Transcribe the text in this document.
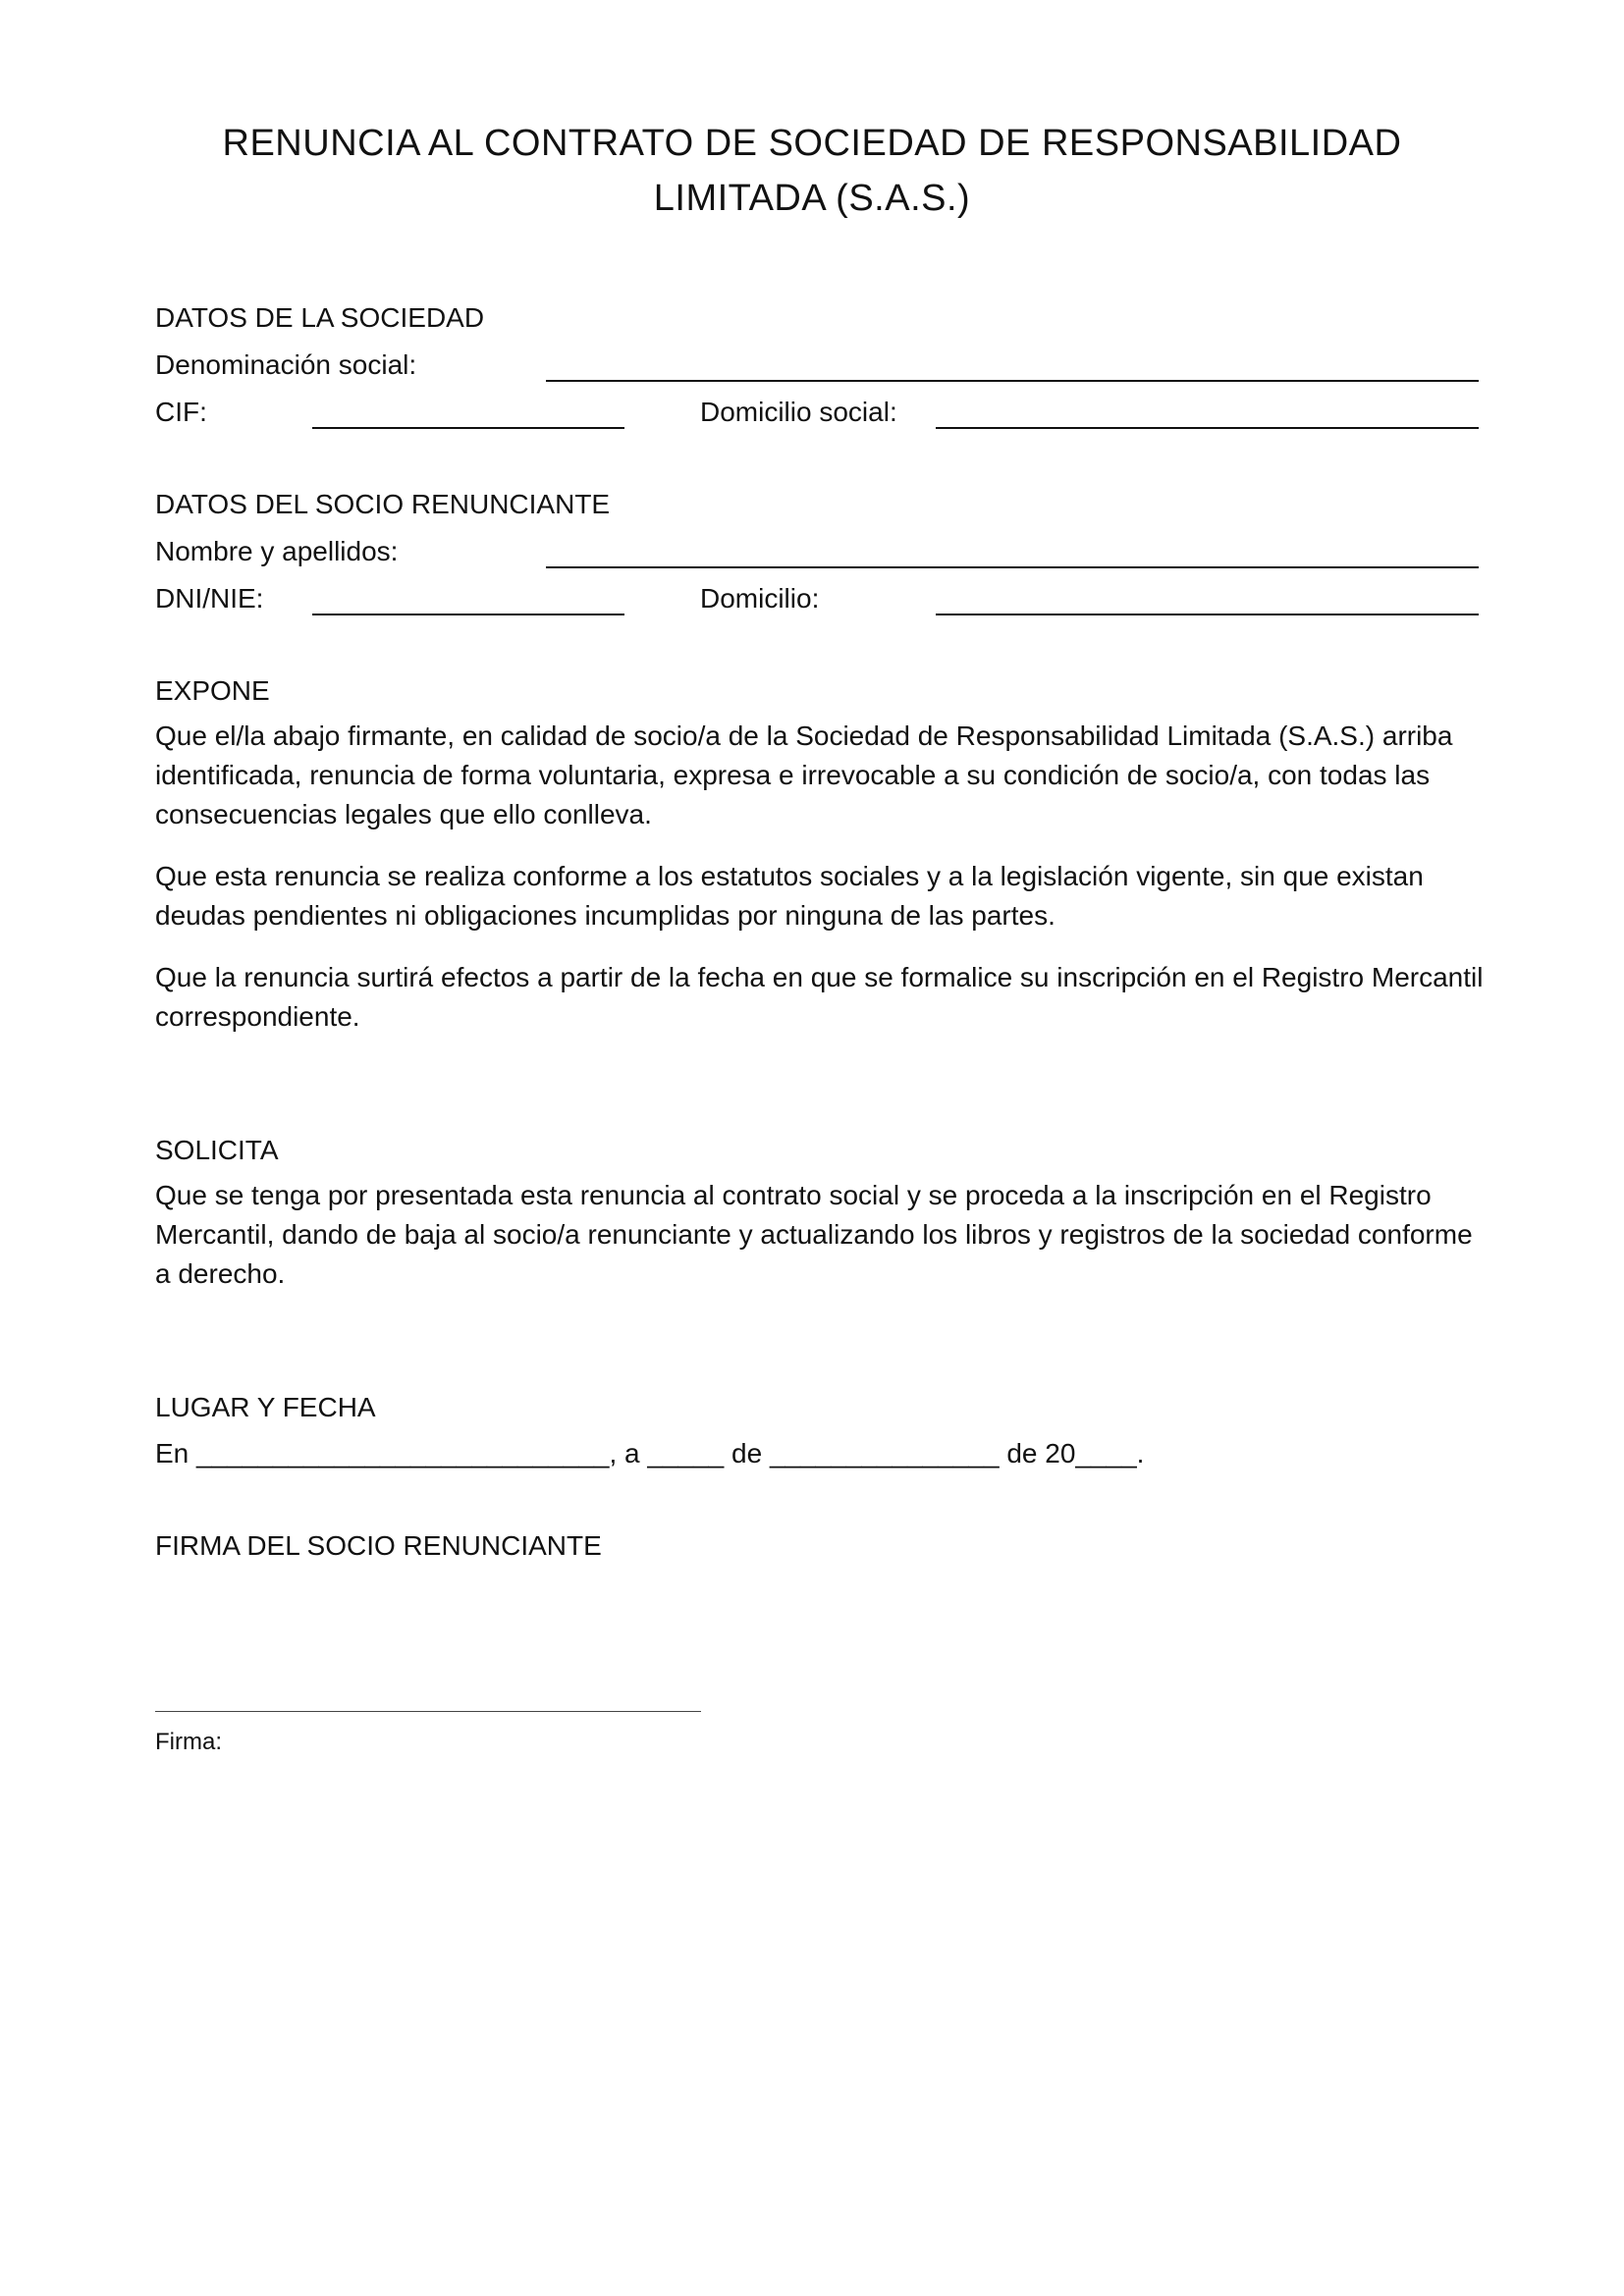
RENUNCIA AL CONTRATO DE SOCIEDAD DE RESPONSABILIDAD
LIMITADA (S.A.S.)
DATOS DE LA SOCIEDAD
Denominación social:
CIF:	Domicilio social:
DATOS DEL SOCIO RENUNCIANTE
Nombre y apellidos:
DNI/NIE:	Domicilio:
EXPONE
Que el/la abajo firmante, en calidad de socio/a de la Sociedad de Responsabilidad Limitada (S.A.S.) arriba identificada, renuncia de forma voluntaria, expresa e irrevocable a su condición de socio/a, con todas las consecuencias legales que ello conlleva.
Que esta renuncia se realiza conforme a los estatutos sociales y a la legislación vigente, sin que existan deudas pendientes ni obligaciones incumplidas por ninguna de las partes.
Que la renuncia surtirá efectos a partir de la fecha en que se formalice su inscripción en el Registro Mercantil correspondiente.
SOLICITA
Que se tenga por presentada esta renuncia al contrato social y se proceda a la inscripción en el Registro Mercantil, dando de baja al socio/a renunciante y actualizando los libros y registros de la sociedad conforme a derecho.
LUGAR Y FECHA
En ___________________________, a _____ de _______________ de 20____.
FIRMA DEL SOCIO RENUNCIANTE
Firma:
